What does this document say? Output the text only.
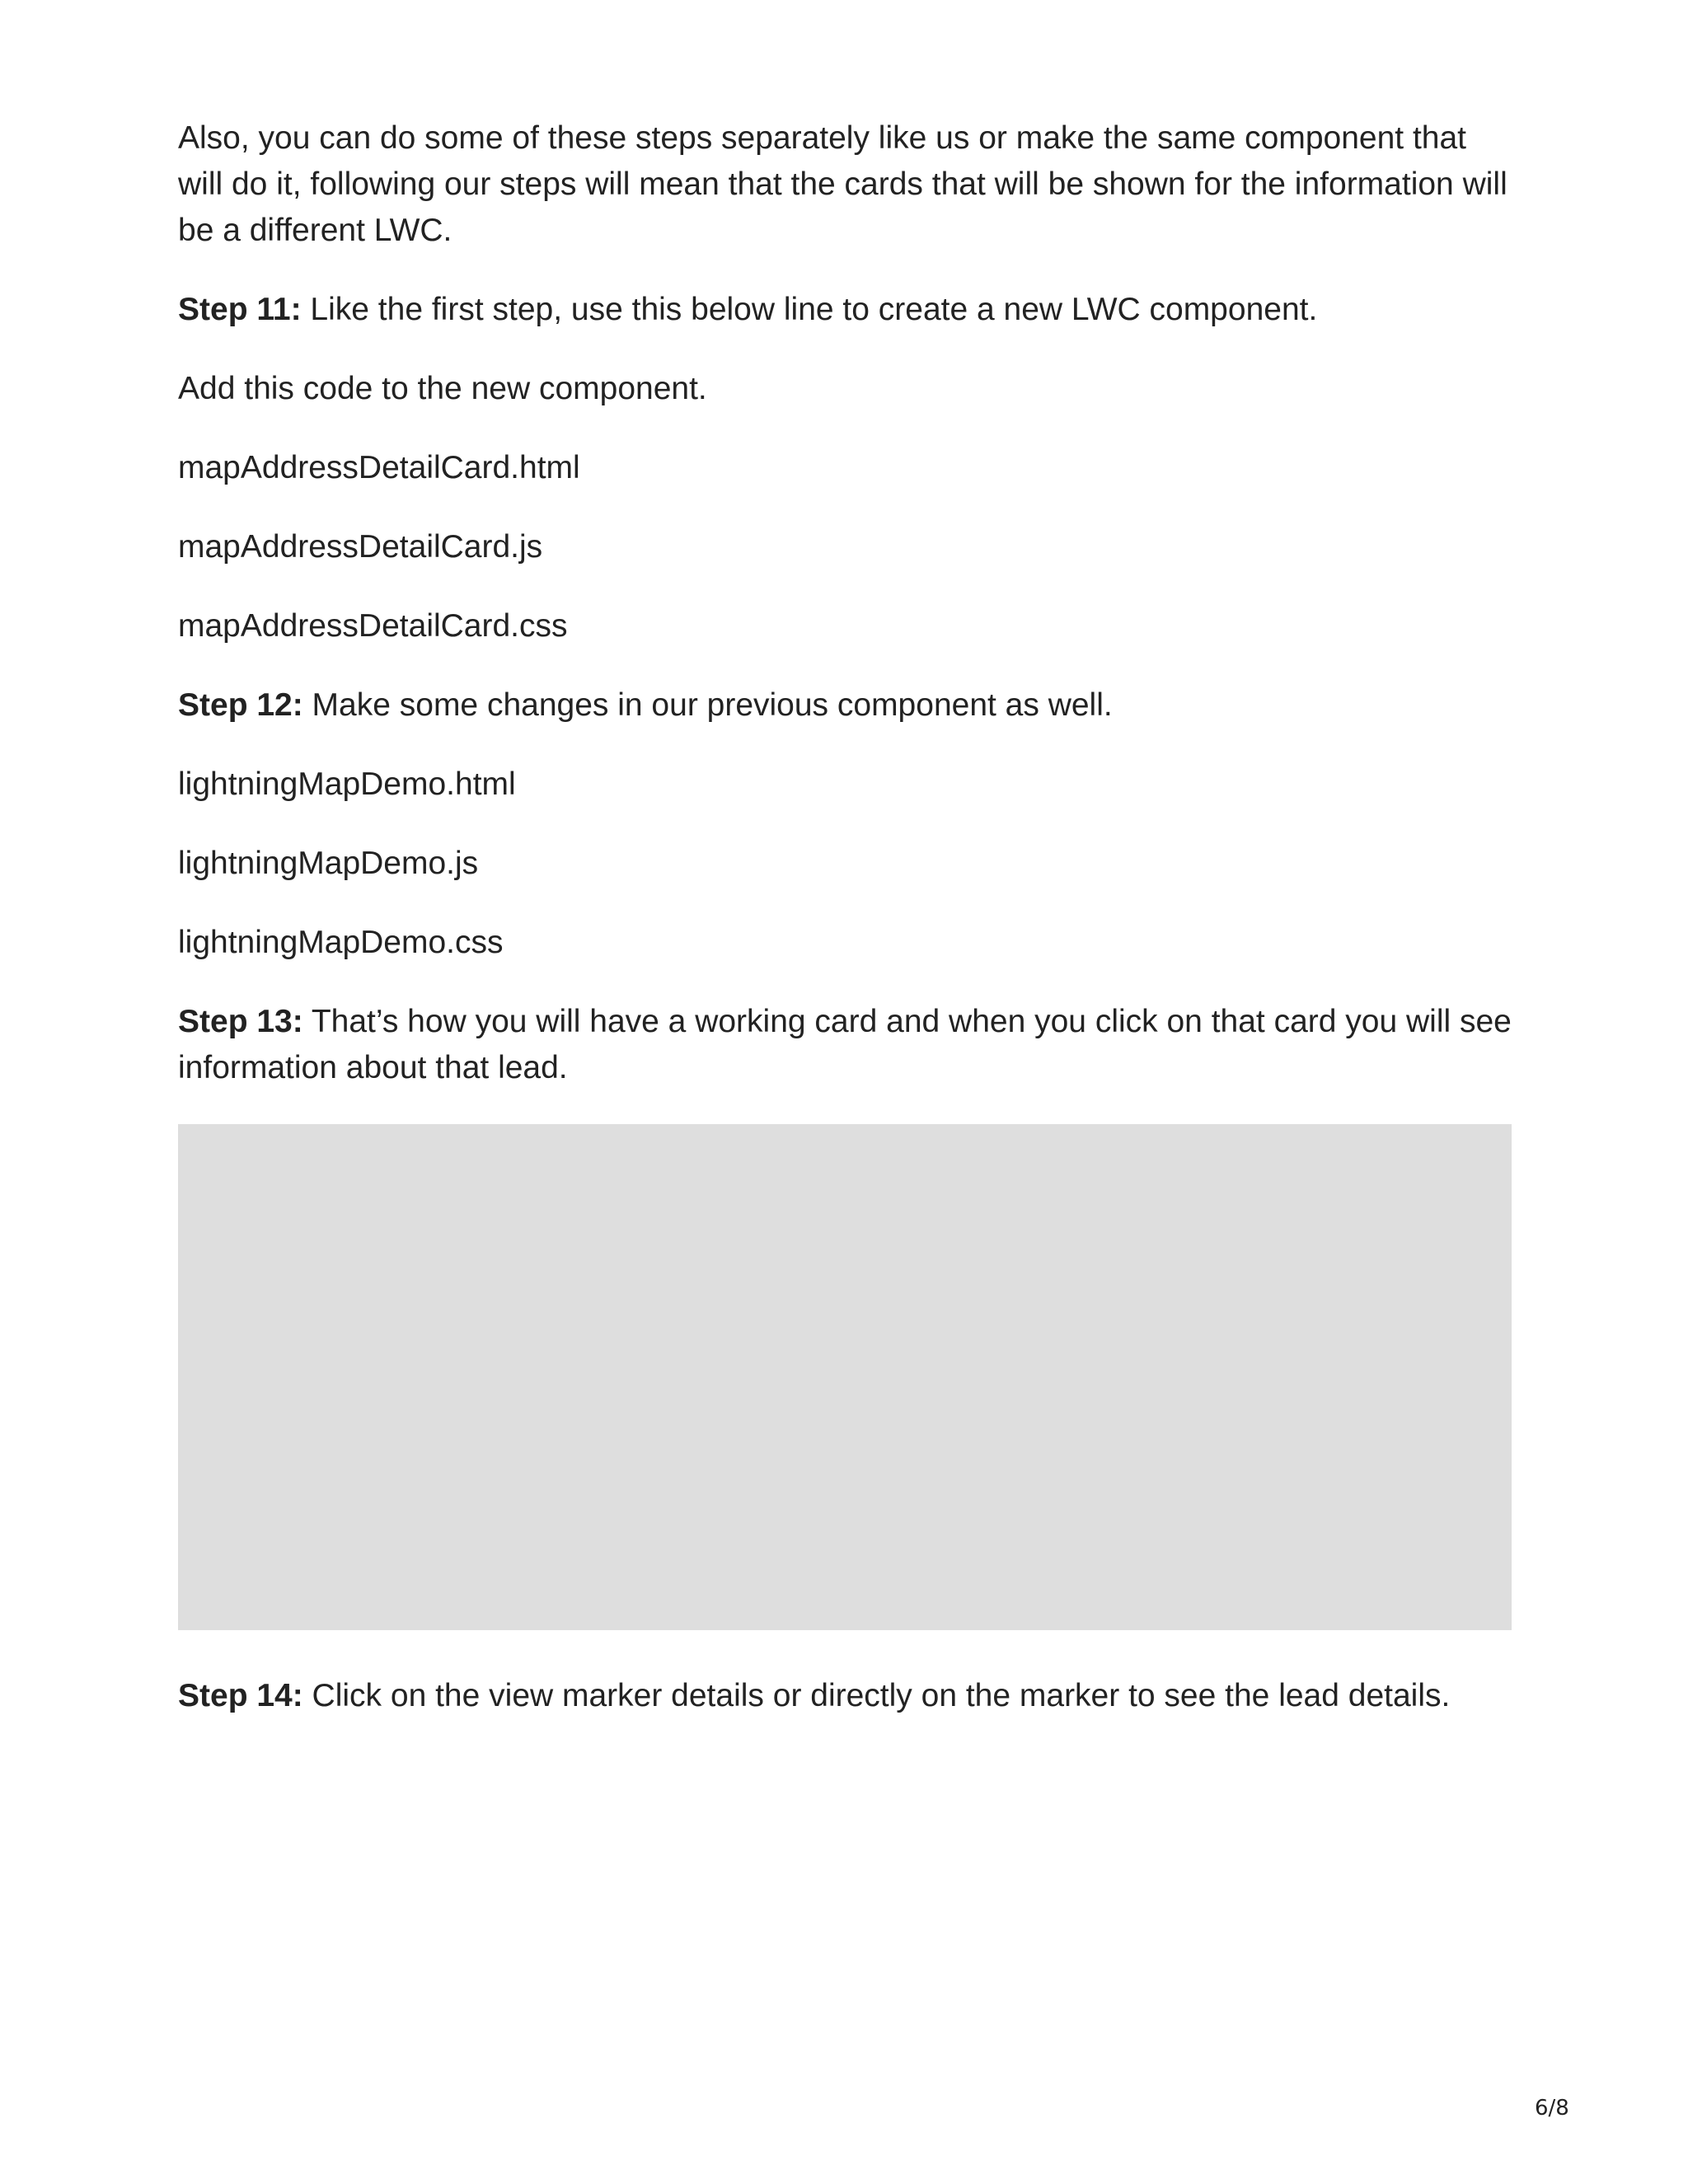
Also, you can do some of these steps separately like us or make the same component that will do it, following our steps will mean that the cards that will be shown for the information will be a different LWC.

Step 11: Like the first step, use this below line to create a new LWC component.

Add this code to the new component.

mapAddressDetailCard.html

mapAddressDetailCard.js

mapAddressDetailCard.css

Step 12: Make some changes in our previous component as well.

lightningMapDemo.html

lightningMapDemo.js

lightningMapDemo.css

Step 13: That’s how you will have a working card and when you click on that card you will see information about that lead.

Step 14: Click on the view marker details or directly on the marker to see the lead details.

6/8
